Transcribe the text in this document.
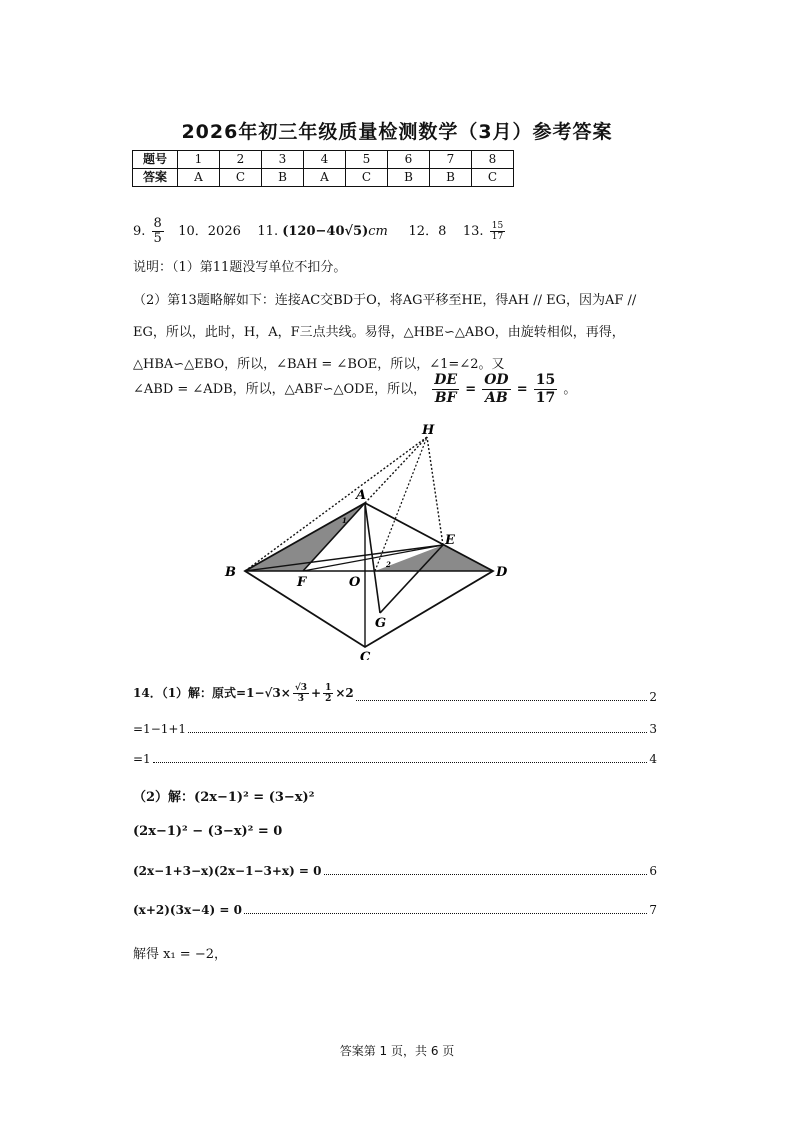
2026年初三年级质量检测数学（3月）参考答案
题号	1	2	3	4	5	6	7	8
答案	A	C	B	A	C	B	B	C
9. $\frac{8}{5} 10$．2026 11. (120−40√5)cm 12．8 13. $\frac{15}{17}$
说明：（1）第11题没写单位不扣分。
（2）第13题略解如下：连接AC交BD于O，将AG平移至HE，得AH // EG，因为AF //
EG，所以，此时，H，A，F三点共线。易得，△HBE∽△ABO，由旋转相似，再得，
△HBA∽△EBO，所以，∠BAH = ∠BOE，所以，∠1=∠2。又
∠ABD = ∠ADB，所以，△ABF∽△ODE，所以， $\frac{DE}{BF} = \frac{OD}{AB} = \frac{15}{17}$ 。
H
A
E
B
F	O
D
G
C
1
2
14．（1）解：原式$=1-√3\times \frac{√3}{3} + \frac{1}{2} \times 2$	2
=1−1+1	3
=1	4
（2）解：(2x−1)² = (3−x)²
(2x−1)² − (3−x)² = 0
(2x−1+3−x)(2x−1−3+x) = 0	6
(x+2)(3x−4) = 0	7
解得 x₁ = −2，
答案第 1 页，共 6 页
